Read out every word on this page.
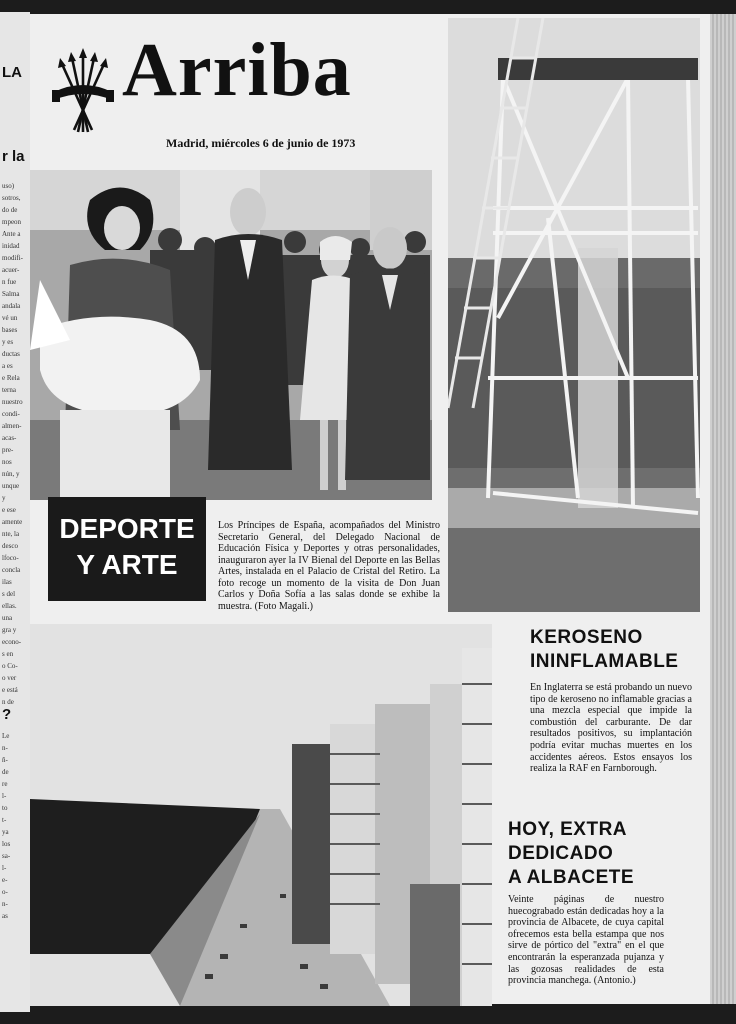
LA
r la
uso)
sotros,
do de
mpeon
Ante a
inidad
modifi-
acuer-
n fue
Salma
andala
vé un
bases
y es
ductas
a es
e Rela
terna
nuestro
condi-
almen-
acas-
pre-
nos
nún, y
unque
y
e ese
amente
nte, la
desco
lfoco-
concla
ilas
s del
ellas.
una
gra y
econo-
s en
o Co-
o ver
e está
n de
?
Le
n-
ñ-
de
re
l-
to
t-
ya
los
sa-
l-
e-
o-
n-
as
Arriba
Madrid, miércoles 6 de junio de 1973
DEPORTE
Y ARTE
Los Príncipes de España, acompañados del Ministro Secretario General, del Delegado Nacional de Educación Física y Deportes y otras personalidades, inauguraron ayer la IV Bienal del Deporte en las Bellas Artes, instalada en el Palacio de Cristal del Retiro. La foto recoge un momento de la visita de Don Juan Carlos y Doña Sofía a las salas donde se exhibe la muestra. (Foto Magali.)
KEROSENO
ININFLAMABLE
En Inglaterra se está probando un nuevo tipo de keroseno no inflamable gracias a una mezcla especial que impide la combustión del carburante. De dar resultados positivos, su implantación podría evitar muchas muertes en los accidentes aéreos. Estos ensayos los realiza la RAF en Farnborough.
HOY, EXTRA
DEDICADO
A ALBACETE
Veinte páginas de nuestro huecograbado están dedicadas hoy a la provincia de Albacete, de cuya capital ofrecemos esta bella estampa que nos sirve de pórtico del "extra" en el que encontrarán la esperanzada pujanza y las gozosas realidades de esta provincia manchega. (Antonio.)
